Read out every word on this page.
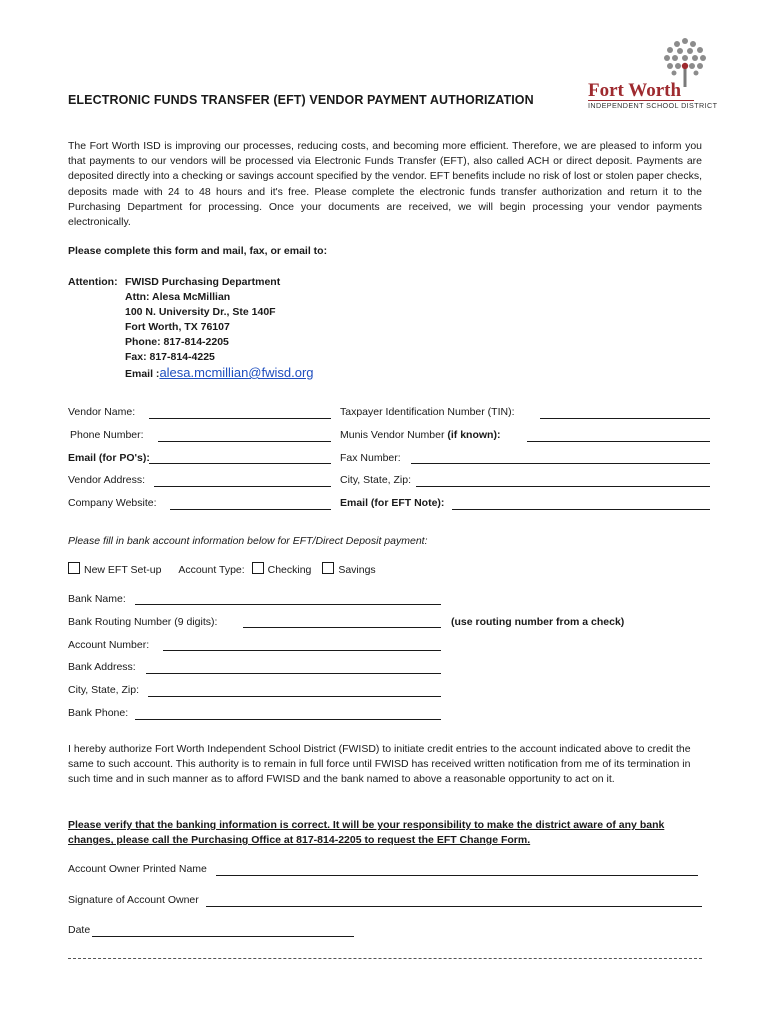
Fort Worth
INDEPENDENT SCHOOL DISTRICT
ELECTRONIC FUNDS TRANSFER (EFT) VENDOR PAYMENT AUTHORIZATION
The Fort Worth ISD is improving our processes, reducing costs, and becoming more efficient. Therefore, we are pleased to inform you that payments to our vendors will be processed via Electronic Funds Transfer (EFT), also called ACH or direct deposit. Payments are deposited directly into a checking or savings account specified by the vendor. EFT benefits include no risk of lost or stolen paper checks, deposits made with 24 to 48 hours and it's free. Please complete the electronic funds transfer authorization and return it to the Purchasing Department for processing. Once your documents are received, we will begin processing your vendor payments electronically.
Please complete this form and mail, fax, or email to:
Attention: FWISD Purchasing Department
Attn: Alesa McMillian
100 N. University Dr., Ste 140F
Fort Worth, TX 76107
Phone: 817-814-2205
Fax: 817-814-4225
Email :alesa.mcmillian@fwisd.org
Vendor Name:	Taxpayer Identification Number (TIN):
Phone Number:	Munis Vendor Number (if known):
Email (for PO's):	Fax Number:
Vendor Address:	City, State, Zip:
Company Website:	Email (for EFT Note):
Please fill in bank account information below for EFT/Direct Deposit payment:
New EFT Set-up Account Type: Checking	Savings
Bank Name:
Bank Routing Number (9 digits):	(use routing number from a check)
Account Number:
Bank Address:
City, State, Zip:
Bank Phone:
I hereby authorize Fort Worth Independent School District (FWISD) to initiate credit entries to the account indicated above to credit the same to such account. This authority is to remain in full force until FWISD has received written notification from me of its termination in such time and in such manner as to afford FWISD and the bank named to above a reasonable opportunity to act on it.
Please verify that the banking information is correct. It will be your responsibility to make the district aware of any bank changes, please call the Purchasing Office at 817-814-2205 to request the EFT Change Form.
Account Owner Printed Name
Signature of Account Owner
Date
